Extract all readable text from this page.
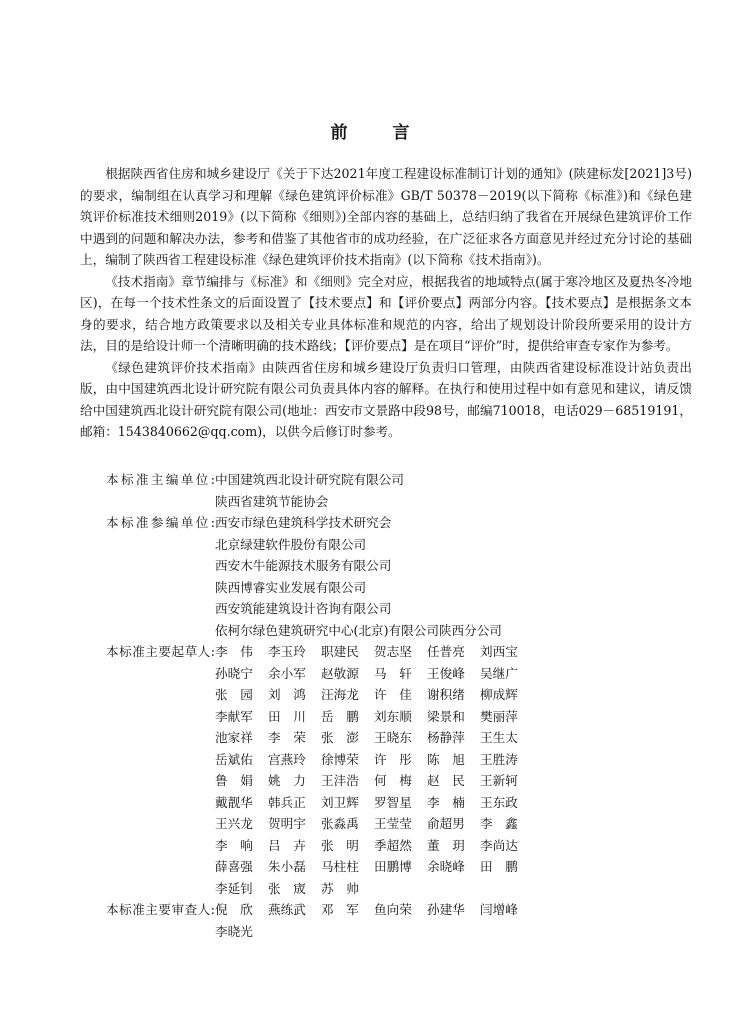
前　言

根据陕西省住房和城乡建设厅《关于下达2021年度工程建设标准制订计划的通知》(陕建标发[2021]3号)的要求，编制组在认真学习和理解《绿色建筑评价标准》GB/T 50378－2019(以下简称《标准》)和《绿色建筑评价标准技术细则2019》(以下简称《细则》)全部内容的基础上，总结归纳了我省在开展绿色建筑评价工作中遇到的问题和解决办法，参考和借鉴了其他省市的成功经验，在广泛征求各方面意见并经过充分讨论的基础上，编制了陕西省工程建设标准《绿色建筑评价技术指南》(以下简称《技术指南》)。

《技术指南》章节编排与《标准》和《细则》完全对应，根据我省的地域特点(属于寒冷地区及夏热冬冷地区)，在每一个技术性条文的后面设置了【技术要点】和【评价要点】两部分内容。【技术要点】是根据条文本身的要求，结合地方政策要求以及相关专业具体标准和规范的内容，给出了规划设计阶段所要采用的设计方法，目的是给设计师一个清晰明确的技术路线；【评价要点】是在项目“评价”时，提供给审查专家作为参考。

《绿色建筑评价技术指南》由陕西省住房和城乡建设厅负责归口管理，由陕西省建设标准设计站负责出版，由中国建筑西北设计研究院有限公司负责具体内容的解释。在执行和使用过程中如有意见和建议，请反馈给中国建筑西北设计研究院有限公司(地址：西安市文景路中段98号，邮编710018，电话029－68519191，邮箱：1543840662@qq.com)，以供今后修订时参考。

本标准主编单位: 中国建筑西北设计研究院有限公司
陕西省建筑节能协会
本标准参编单位: 西安市绿色建筑科学技术研究会
北京绿建软件股份有限公司
西安木牛能源技术服务有限公司
陕西博睿实业发展有限公司
西安筑能建筑设计咨询有限公司
依柯尔绿色建筑研究中心(北京)有限公司陕西分公司
本标准主要起草人: 李　伟	李玉玲	职建民	贺志坚	任普亮	刘西宝
孙晓宁	余小军	赵敬源	马　轩	王俊峰	吴继广
张　园	刘　鸿	汪海龙	许　佳	谢积绪	柳成辉
李献军	田　川	岳　鹏	刘东顺	梁景和	樊丽萍
池家祥	李　荣	张　澎	王晓东	杨静萍	王生太
岳斌佑	宫燕玲	徐博荣	许　彤	陈　旭	王胜涛
鲁　娟	姚　力	王沣浩	何　梅	赵　民	王新轲
戴靓华	韩兵正	刘卫辉	罗智星	李　楠	王东政
王兴龙	贺明宇	张淼禹	王莹莹	俞超男	李　鑫
李　响	吕　卉	张　明	季超然	董　玥	李尚达
薛喜强	朱小磊	马柱柱	田鹏博	余晓峰	田　鹏
李延钊	张　宬	苏　帅
本标准主要审查人: 倪　欣	燕练武	邓　军	鱼向荣	孙建华	闫增峰
李晓光
